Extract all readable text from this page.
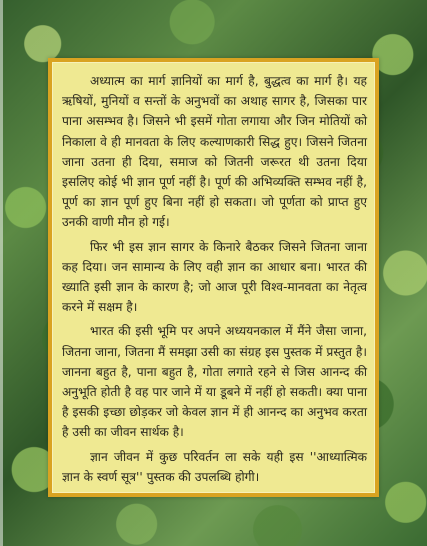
अध्यात्म का मार्ग ज्ञानियों का मार्ग है, बुद्धत्व का मार्ग है। यह ऋषियों, मुनियों व सन्तों के अनुभवों का अथाह सागर है, जिसका पार पाना असम्भव है। जिसने भी इसमें गोता लगाया और जिन मोतियों को निकाला वे ही मानवता के लिए कल्याणकारी सिद्ध हुए। जिसने जितना जाना उतना ही दिया, समाज को जितनी जरूरत थी उतना दिया इसलिए कोई भी ज्ञान पूर्ण नहीं है। पूर्ण की अभिव्यक्ति सम्भव नहीं है, पूर्ण का ज्ञान पूर्ण हुए बिना नहीं हो सकता। जो पूर्णता को प्राप्त हुए उनकी वाणी मौन हो गई।

फिर भी इस ज्ञान सागर के किनारे बैठकर जिसने जितना जाना कह दिया। जन सामान्य के लिए वही ज्ञान का आधार बना। भारत की ख्याति इसी ज्ञान के कारण है; जो आज पूरी विश्व-मानवता का नेतृत्व करने में सक्षम है।

भारत की इसी भूमि पर अपने अध्ययनकाल में मैंने जैसा जाना, जितना जाना, जितना मैं समझा उसी का संग्रह इस पुस्तक में प्रस्तुत है। जानना बहुत है, पाना बहुत है, गोता लगाते रहने से जिस आनन्द की अनुभूति होती है वह पार जाने में या डूबने में नहीं हो सकती। क्या पाना है इसकी इच्छा छोड़कर जो केवल ज्ञान में ही आनन्द का अनुभव करता है उसी का जीवन सार्थक है।

ज्ञान जीवन में कुछ परिवर्तन ला सके यही इस ''आध्यात्मिक ज्ञान के स्वर्ण सूत्र'' पुस्तक की उपलब्धि होगी।
